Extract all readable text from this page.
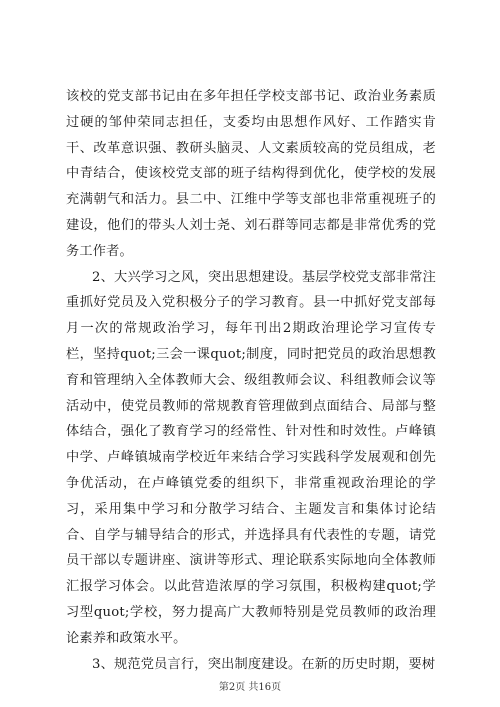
该校的党支部书记由在多年担任学校支部书记、政治业务素质过硬的邹仲荣同志担任，支委均由思想作风好、工作踏实肯干、改革意识强、教研头脑灵、人文素质较高的党员组成，老中青结合，使该校党支部的班子结构得到优化，使学校的发展充满朝气和活力。县二中、江维中学等支部也非常重视班子的建设，他们的带头人刘士尧、刘石群等同志都是非常优秀的党务工作者。

2、大兴学习之风，突出思想建设。基层学校党支部非常注重抓好党员及入党积极分子的学习教育。县一中抓好党支部每月一次的常规政治学习，每年刊出2期政治理论学习宣传专栏，坚持quot;三会一课quot;制度，同时把党员的政治思想教育和管理纳入全体教师大会、级组教师会议、科组教师会议等活动中，使党员教师的常规教育管理做到点面结合、局部与整体结合，强化了教育学习的经常性、针对性和时效性。卢峰镇中学、卢峰镇城南学校近年来结合学习实践科学发展观和创先争优活动，在卢峰镇党委的组织下，非常重视政治理论的学习，采用集中学习和分散学习结合、主题发言和集体讨论结合、自学与辅导结合的形式，并选择具有代表性的专题，请党员干部以专题讲座、演讲等形式、理论联系实际地向全体教师汇报学习体会。以此营造浓厚的学习氛围，积极构建quot;学习型quot;学校，努力提高广大教师特别是党员教师的政治理论素养和政策水平。

3、规范党员言行，突出制度建设。在新的历史时期，要树

第2页 共16页
